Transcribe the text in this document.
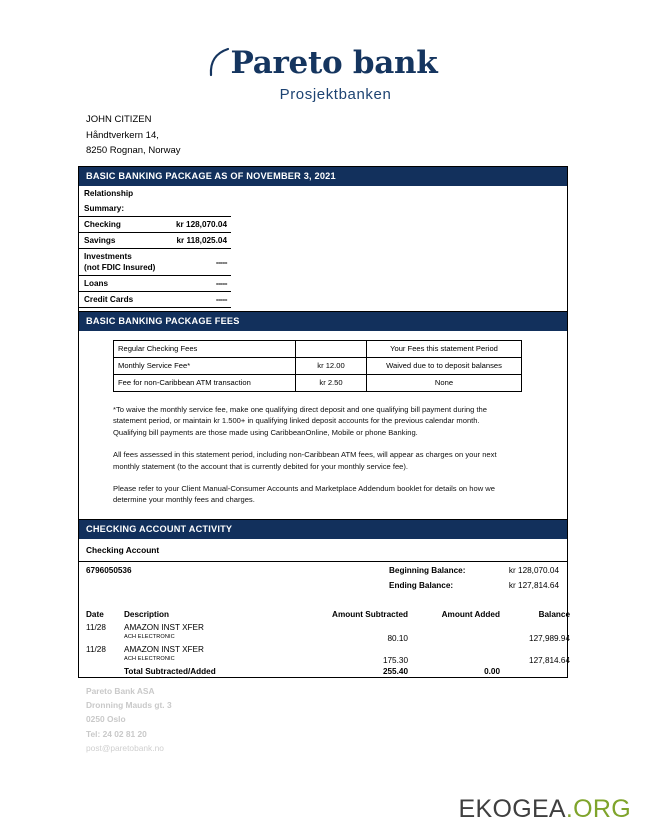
Pareto bank
Prosjektbanken
JOHN CITIZEN
Håndtverkern 14,
8250 Rognan, Norway
BASIC BANKING PACKAGE AS OF NOVEMBER 3, 2021
Relationship	
Summary:	
Checking	kr 128,070.04
Savings	kr 118,025.04

Investments
(not FDIC Insured)	-----
Loans	-----
Credit Cards	-----
BASIC BANKING PACKAGE FEES
Regular Checking Fees		Your Fees this statement Period
Monthly Service Fee*	kr 12.00	Waived due to to deposit balanses
Fee for non-Caribbean ATM transaction	kr 2.50	None

*To waive the monthly service fee, make one qualifying direct deposit and one qualifying bill payment during the statement period, or maintain kr 1.500+ in qualifying linked deposit accounts for the previous calendar month. Qualifying bill payments are those made using CaribbeanOnline, Mobile or phone Banking.

All fees assessed in this statement period, including non-Caribbean ATM fees, will appear as charges on your next monthly statement (to the account that is currently debited for your monthly service fee).

Please refer to your Client Manual-Consumer Accounts and Marketplace Addendum booklet for details on how we determine your monthly fees and charges.

CHECKING ACCOUNT ACTIVITY
Checking Account
6796050536	Beginning Balance:	kr 128,070.04
Ending Balance:	kr 127,814.64
Date	Description	Amount Subtracted	Amount Added	Balance
11/28	AMAZON INST XFER
ACH ELECTRONIC	80.10		127,989.94

11/28	AMAZON INST XFER
ACH ELECTRONIC	175.30		127,814.64

	Total Subtracted/Added	255.40	0.00	
Pareto Bank ASA
Dronning Mauds gt. 3
0250 Oslo
Tel: 24 02 81 20
post@paretobank.no
EKOGEA.ORG
